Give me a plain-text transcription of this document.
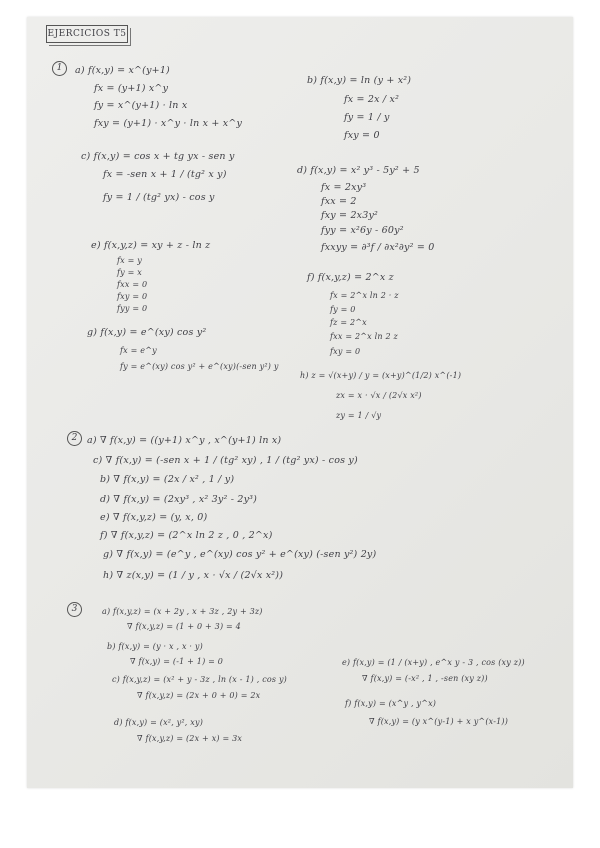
EJERCICIOS T5
1	a) f(x,y) = x^(y+1)
fx = (y+1) x^y
fy = x^(y+1) · ln x
fxy = (y+1) · x^y · ln x + x^y
b) f(x,y) = ln (y + x²)
fx = 2x / x²
fy = 1 / y
fxy = 0
c) f(x,y) = cos x + tg yx - sen y
fx = -sen x + 1 / (tg² x y)
fy = 1 / (tg² yx) - cos y
d) f(x,y) = x² y³ - 5y² + 5
fx = 2xy³
fxx = 2
fxy = 2x3y²
fyy = x²6y - 60y²
fxxyy = ∂³f / ∂x²∂y² = 0
e) f(x,y,z) = xy + z - ln z
fx = y
fy = x
fxx = 0
fxy = 0
fyy = 0
f) f(x,y,z) = 2^x z
fx = 2^x ln 2 · z
fy = 0
fz = 2^x
fxx = 2^x ln 2 z
fxy = 0
g) f(x,y) = e^(xy) cos y²
fx = e^y
fy = e^(xy) cos y² + e^(xy)(-sen y²) y
h) z = √(x+y) / y = (x+y)^(1/2) x^(-1)
zx = x · √x / (2√x x²)
zy = 1 / √y
2	a) ∇ f(x,y) = ((y+1) x^y , x^(y+1) ln x)
c) ∇ f(x,y) = (-sen x + 1 / (tg² xy) , 1 / (tg² yx) - cos y)
b) ∇ f(x,y) = (2x / x² , 1 / y)
d) ∇ f(x,y) = (2xy³ , x² 3y² - 2y³)
e) ∇ f(x,y,z) = (y, x, 0)
f) ∇ f(x,y,z) = (2^x ln 2 z , 0 , 2^x)
g) ∇ f(x,y) = (e^y , e^(xy) cos y² + e^(xy) (-sen y²) 2y)
h) ∇ z(x,y) = (1 / y , x · √x / (2√x x²))
3	a) f(x,y,z) = (x + 2y , x + 3z , 2y + 3z)
∇ f(x,y,z) = (1 + 0 + 3) = 4
b) f(x,y) = (y · x , x · y)
∇ f(x,y) = (-1 + 1) = 0
c) f(x,y,z) = (x² + y - 3z , ln (x - 1) , cos y)
∇ f(x,y,z) = (2x + 0 + 0) = 2x
d) f(x,y) = (x², y², xy)
∇ f(x,y,z) = (2x + x) = 3x
e) f(x,y) = (1 / (x+y) , e^x y - 3 , cos (xy z))
∇ f(x,y) = (-x² , 1 , -sen (xy z))
f) f(x,y) = (x^y , y^x)
∇ f(x,y) = (y x^(y-1) + x y^(x-1))
